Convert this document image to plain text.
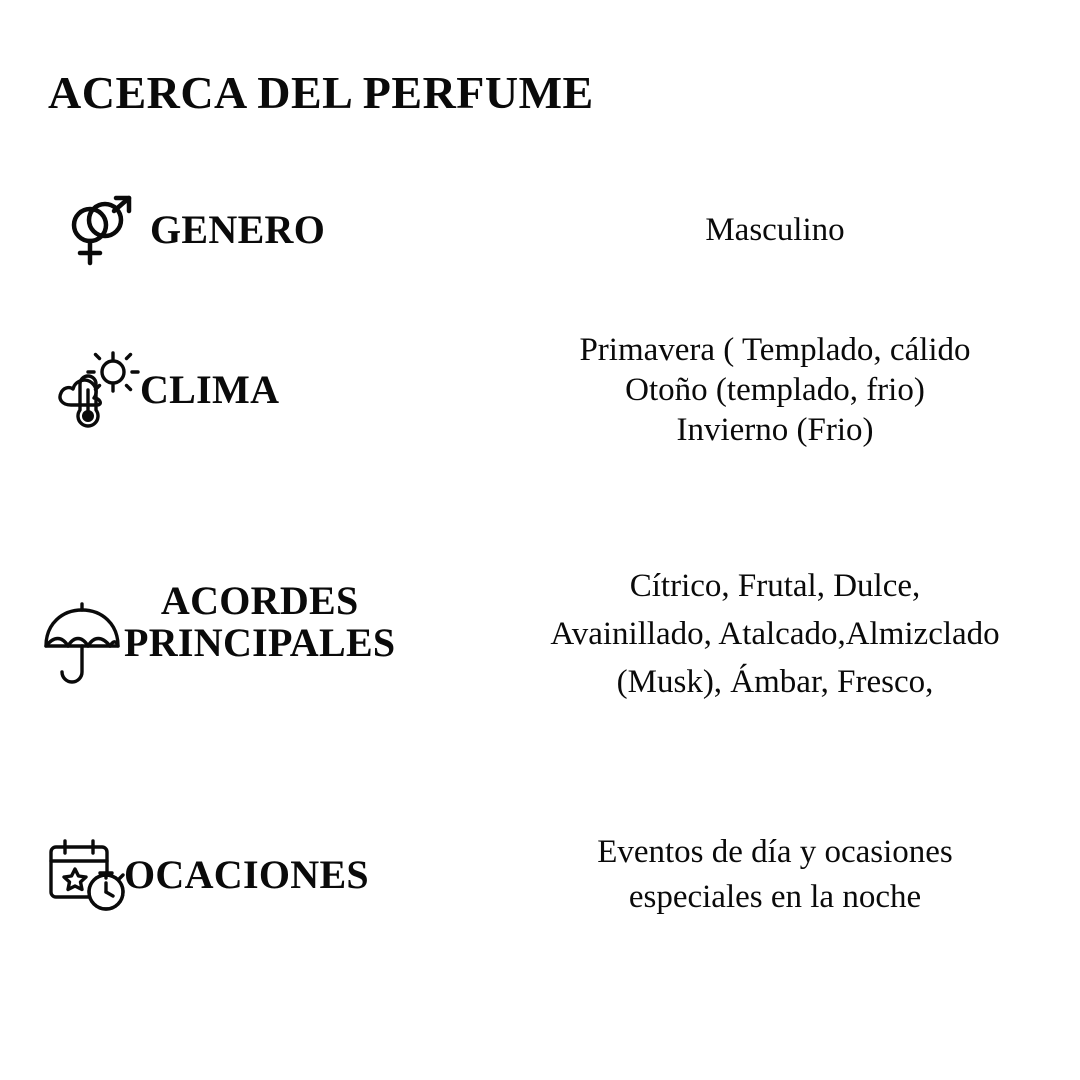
ACERCA DEL PERFUME
GENERO	Masculino
CLIMA
Primavera ( Templado, cálido
Otoño (templado, frio)
Invierno (Frio)
ACORDES
PRINCIPALES
Cítrico, Frutal, Dulce,
Avainillado, Atalcado,Almizclado
(Musk), Ámbar, Fresco,
OCACIONES	Eventos de día y ocasiones
especiales en la noche
